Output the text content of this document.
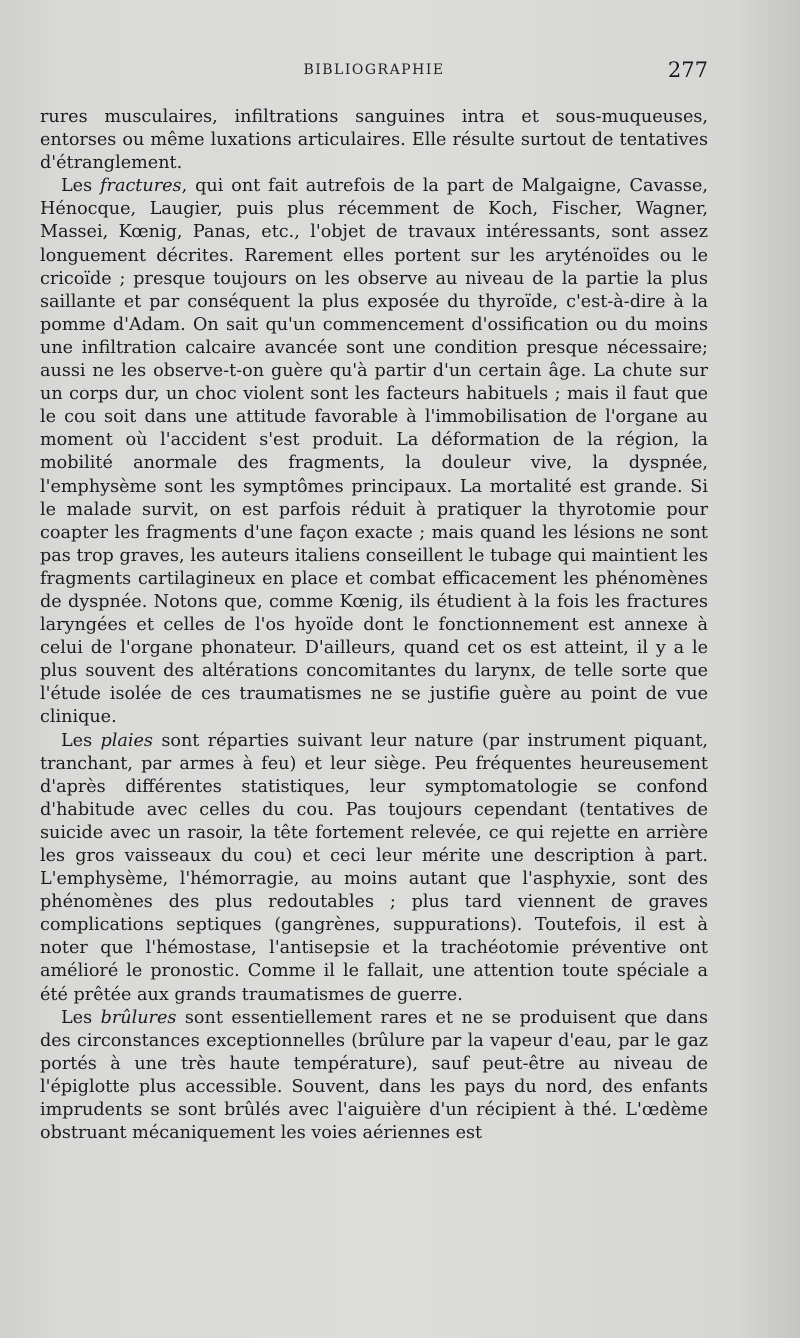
BIBLIOGRAPHIE	277

rures musculaires, infiltrations sanguines intra et sous-muqueuses, entorses ou même luxations articulaires. Elle résulte surtout de tentatives d'étranglement.

Les fractures, qui ont fait autrefois de la part de Malgaigne, Cavasse, Hénocque, Laugier, puis plus récemment de Koch, Fischer, Wagner, Massei, Kœnig, Panas, etc., l'objet de travaux intéressants, sont assez longuement décrites. Rarement elles portent sur les aryténoïdes ou le cricoïde ; presque toujours on les observe au niveau de la partie la plus saillante et par conséquent la plus exposée du thyroïde, c'est-à-dire à la pomme d'Adam. On sait qu'un commencement d'ossification ou du moins une infiltration calcaire avancée sont une condition presque nécessaire; aussi ne les observe-t-on guère qu'à partir d'un certain âge. La chute sur un corps dur, un choc violent sont les facteurs habituels ; mais il faut que le cou soit dans une attitude favorable à l'immobilisation de l'organe au moment où l'accident s'est produit. La déformation de la région, la mobilité anormale des fragments, la douleur vive, la dyspnée, l'emphysème sont les symptômes principaux. La mortalité est grande. Si le malade survit, on est parfois réduit à pratiquer la thyrotomie pour coapter les fragments d'une façon exacte ; mais quand les lésions ne sont pas trop graves, les auteurs italiens conseillent le tubage qui maintient les fragments cartilagineux en place et combat efficacement les phénomènes de dyspnée. Notons que, comme Kœnig, ils étudient à la fois les fractures laryngées et celles de l'os hyoïde dont le fonctionnement est annexe à celui de l'organe phonateur. D'ailleurs, quand cet os est atteint, il y a le plus souvent des altérations concomitantes du larynx, de telle sorte que l'étude isolée de ces traumatismes ne se justifie guère au point de vue clinique.

Les plaies sont réparties suivant leur nature (par instrument piquant, tranchant, par armes à feu) et leur siège. Peu fréquentes heureusement d'après différentes statistiques, leur symptomatologie se confond d'habitude avec celles du cou. Pas toujours cependant (tentatives de suicide avec un rasoir, la tête fortement relevée, ce qui rejette en arrière les gros vaisseaux du cou) et ceci leur mérite une description à part. L'emphysème, l'hémorragie, au moins autant que l'asphyxie, sont des phénomènes des plus redoutables ; plus tard viennent de graves complications septiques (gangrènes, suppurations). Toutefois, il est à noter que l'hémostase, l'antisepsie et la trachéotomie préventive ont amélioré le pronostic. Comme il le fallait, une attention toute spéciale a été prêtée aux grands traumatismes de guerre.

Les brûlures sont essentiellement rares et ne se produisent que dans des circonstances exceptionnelles (brûlure par la vapeur d'eau, par le gaz portés à une très haute température), sauf peut-être au niveau de l'épiglotte plus accessible. Souvent, dans les pays du nord, des enfants imprudents se sont brûlés avec l'aiguière d'un récipient à thé. L'œdème obstruant mécaniquement les voies aériennes est
